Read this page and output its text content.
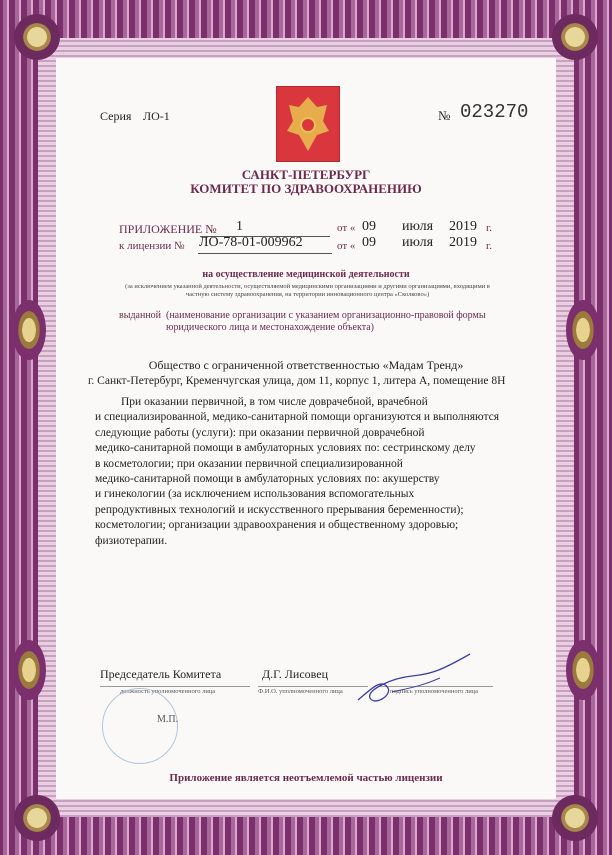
Серия ЛО-1	№ 023270
САНКТ-ПЕТЕРБУРГ
КОМИТЕТ ПО ЗДРАВООХРАНЕНИЮ
ПРИЛОЖЕНИЕ № 1	от « 09 июля 2019 г.
к лицензии № ЛО-78-01-009962	от « 09 июля 2019 г.
на осуществление медицинской деятельности
(за исключением указанной деятельности, осуществляемой медицинскими организациями и другими организациями, входящими в частную систему здравоохранения, на территории инновационного центра «Сколково»)
выданной (наименование организации с указанием организационно-правовой формы юридического лица и местонахождение объекта)
Общество с ограниченной ответственностью «Мадам Тренд»
г. Санкт-Петербург, Кременчугская улица, дом 11, корпус 1, литера А, помещение 8Н
При оказании первичной, в том числе доврачебной, врачебной
и специализированной, медико-санитарной помощи организуются и выполняются
следующие работы (услуги): при оказании первичной доврачебной
медико-санитарной помощи в амбулаторных условиях по: сестринскому делу
в косметологии; при оказании первичной специализированной
медико-санитарной помощи в амбулаторных условиях по: акушерству
и гинекологии (за исключением использования вспомогательных
репродуктивных технологий и искусственного прерывания беременности);
косметологии; организации здравоохранения и общественному здоровью;
физиотерапии.
Председатель Комитета	Д.Г. Лисовец
должность уполномоченного лица	Ф.И.О. уполномоченного лица	подпись уполномоченного лица
М.П.
Приложение является неотъемлемой частью лицензии
